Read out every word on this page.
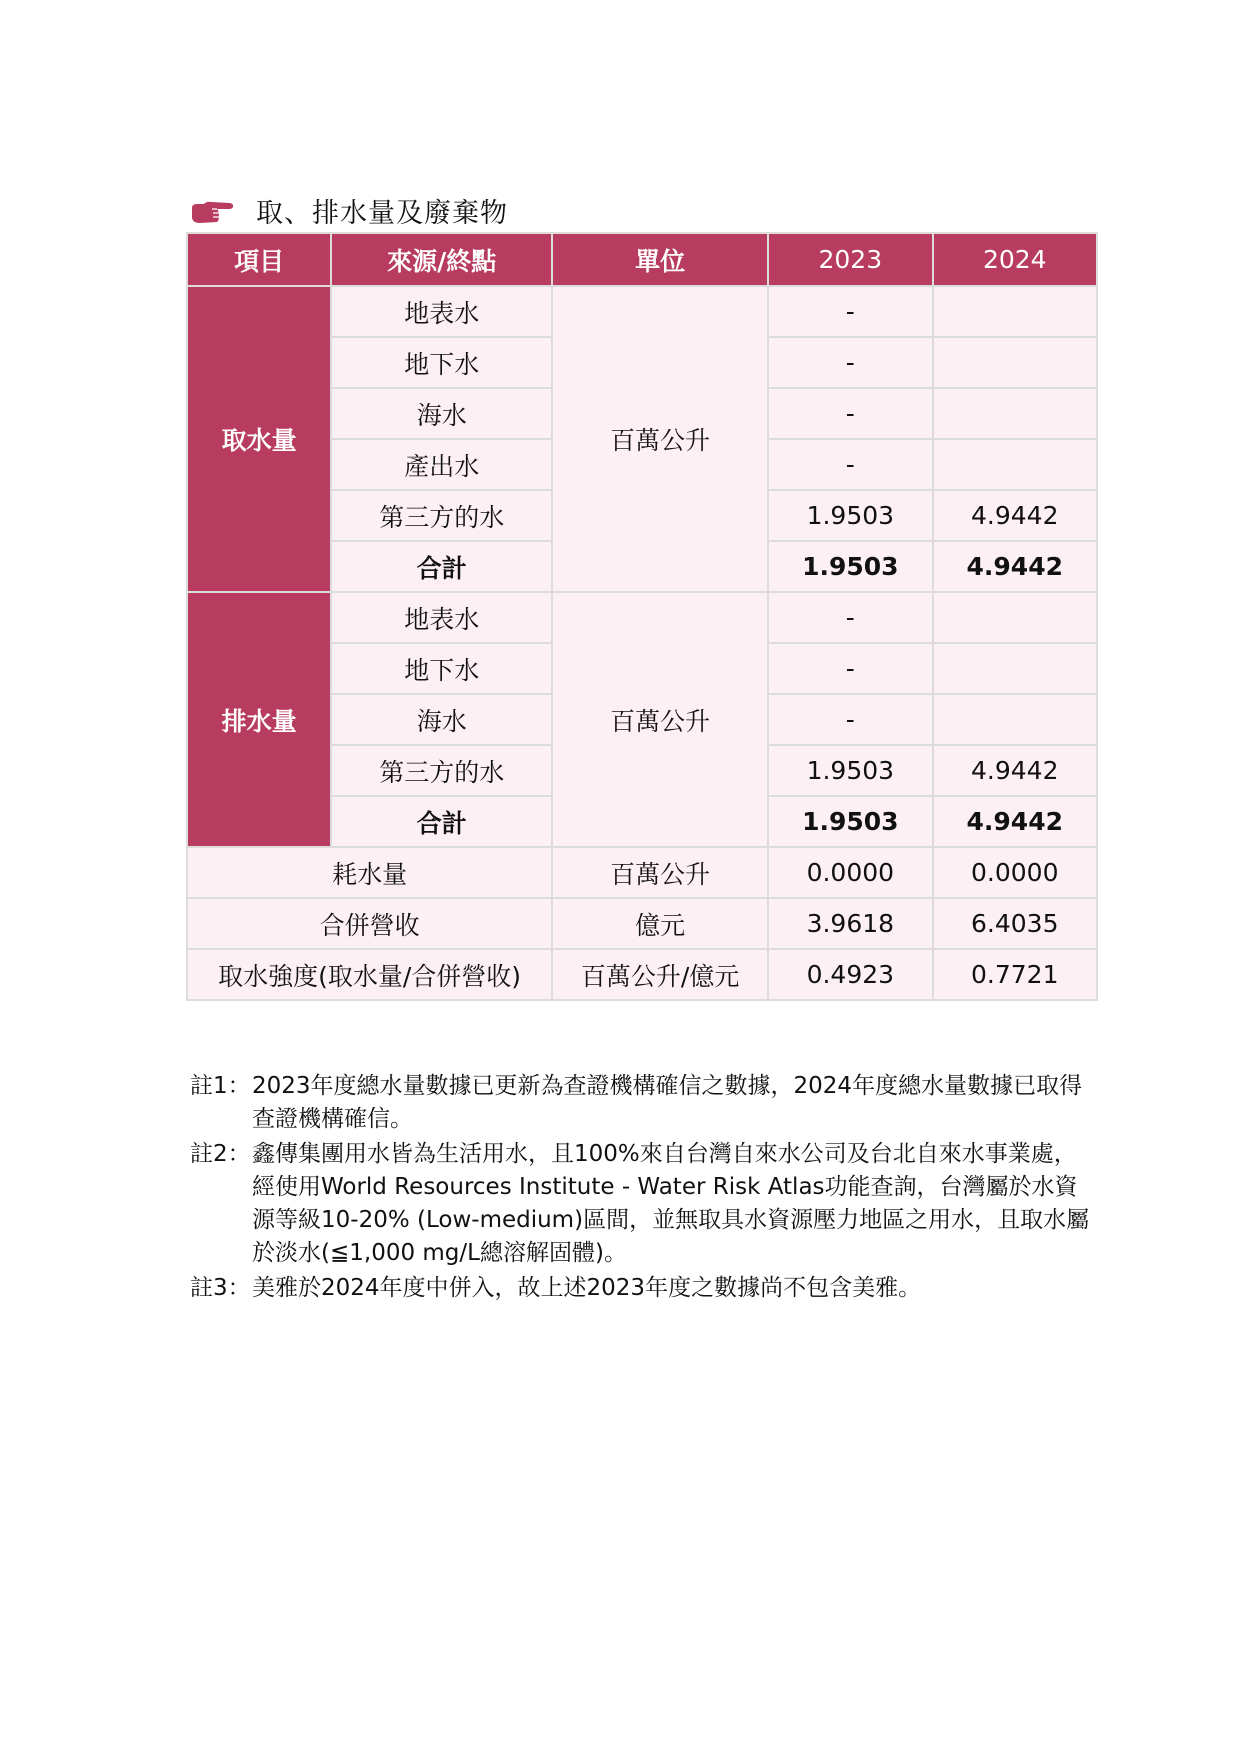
取、排水量及廢棄物
項目	來源/終點	單位	2023	2024
取水量	地表水	百萬公升	-	
	地下水		-	
	海水		-	
	產出水		-	
	第三方的水		1.9503	4.9442
	合計		1.9503	4.9442
排水量	地表水	百萬公升	-	
	地下水		-	
	海水		-	
	第三方的水		1.9503	4.9442
	合計		1.9503	4.9442
耗水量		百萬公升	0.0000	0.0000
合併營收		億元	3.9618	6.4035
取水強度(取水量/合併營收)		百萬公升/億元	0.4923	0.7721
註1： 2023年度總水量數據已更新為查證機構確信之數據，2024年度總水量數據已取得查證機構確信。
註2： 鑫傳集團用水皆為生活用水，且100%來自台灣自來水公司及台北自來水事業處，經使用World Resources Institute - Water Risk Atlas功能查詢，台灣屬於水資源等級10-20% (Low-medium)區間，並無取具水資源壓力地區之用水，且取水屬於淡水(≦1,000 mg/L總溶解固體)。
註3： 美雅於2024年度中併入，故上述2023年度之數據尚不包含美雅。
